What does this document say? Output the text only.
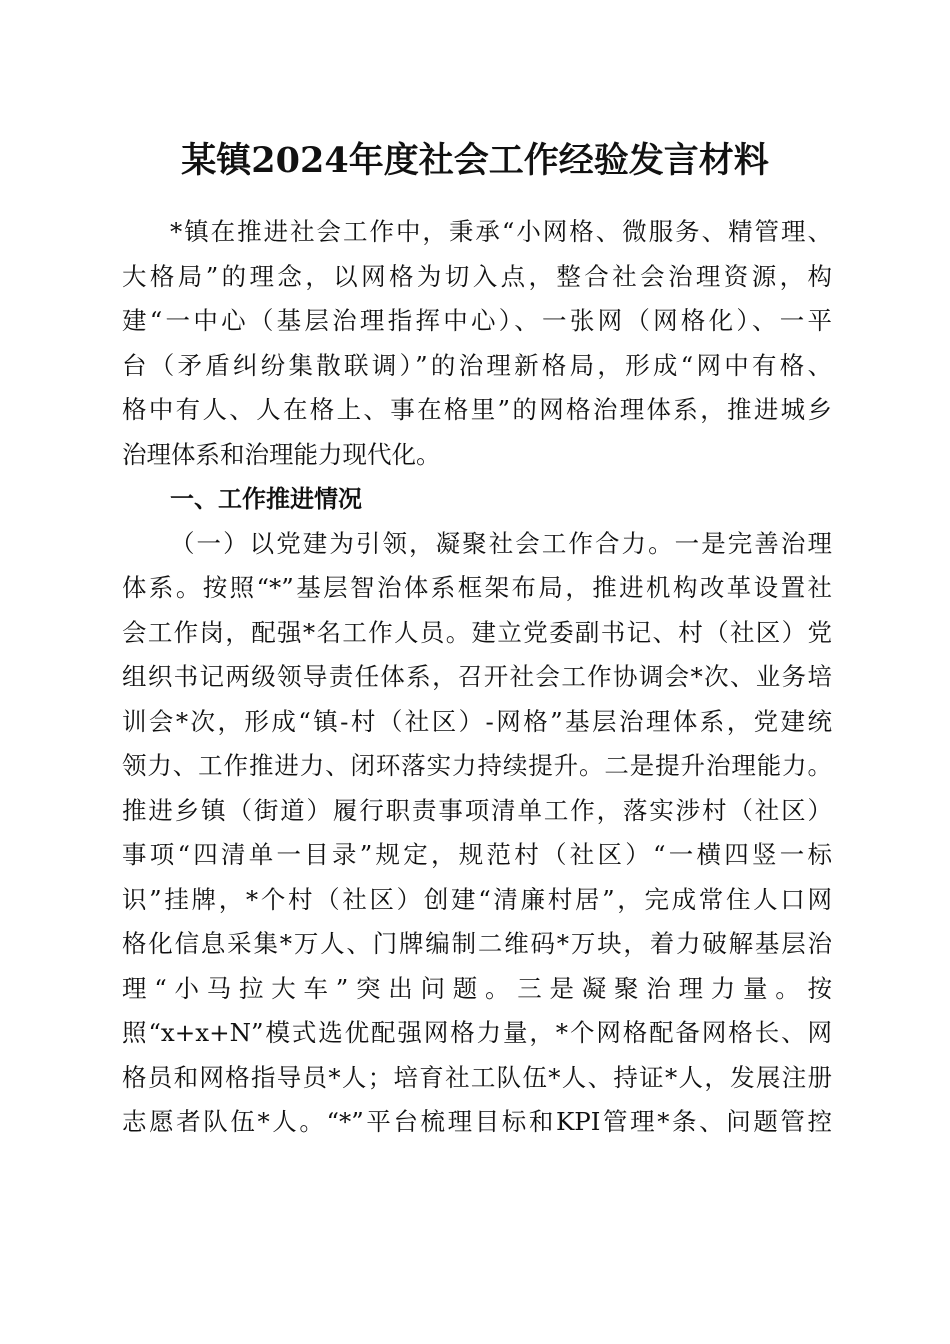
某镇2024年度社会工作经验发言材料
*镇在推进社会工作中，秉承“小网格、微服务、精管理、
大格局”的理念，以网格为切入点，整合社会治理资源，构
建“一中心（基层治理指挥中心）、一张网（网格化）、一平
台（矛盾纠纷集散联调）”的治理新格局，形成“网中有格、
格中有人、人在格上、事在格里”的网格治理体系，推进城乡
治理体系和治理能力现代化。
一、工作推进情况
（一）以党建为引领，凝聚社会工作合力。一是完善治理
体系。按照“*”基层智治体系框架布局，推进机构改革设置社
会工作岗，配强*名工作人员。建立党委副书记、村（社区）党
组织书记两级领导责任体系，召开社会工作协调会*次、业务培
训会*次，形成“镇-村（社区）-网格”基层治理体系，党建统
领力、工作推进力、闭环落实力持续提升。二是提升治理能力。
推进乡镇（街道）履行职责事项清单工作，落实涉村（社区）
事项“四清单一目录”规定，规范村（社区）“一横四竖一标
识”挂牌，*个村（社区）创建“清廉村居”，完成常住人口网
格化信息采集*万人、门牌编制二维码*万块，着力破解基层治
理“小马拉大车”突出问题。三是凝聚治理力量。按
照“x+x+N”模式选优配强网格力量，*个网格配备网格长、网
格员和网格指导员*人；培育社工队伍*人、持证*人，发展注册
志愿者队伍*人。“*”平台梳理目标和KPI管理*条、问题管控
